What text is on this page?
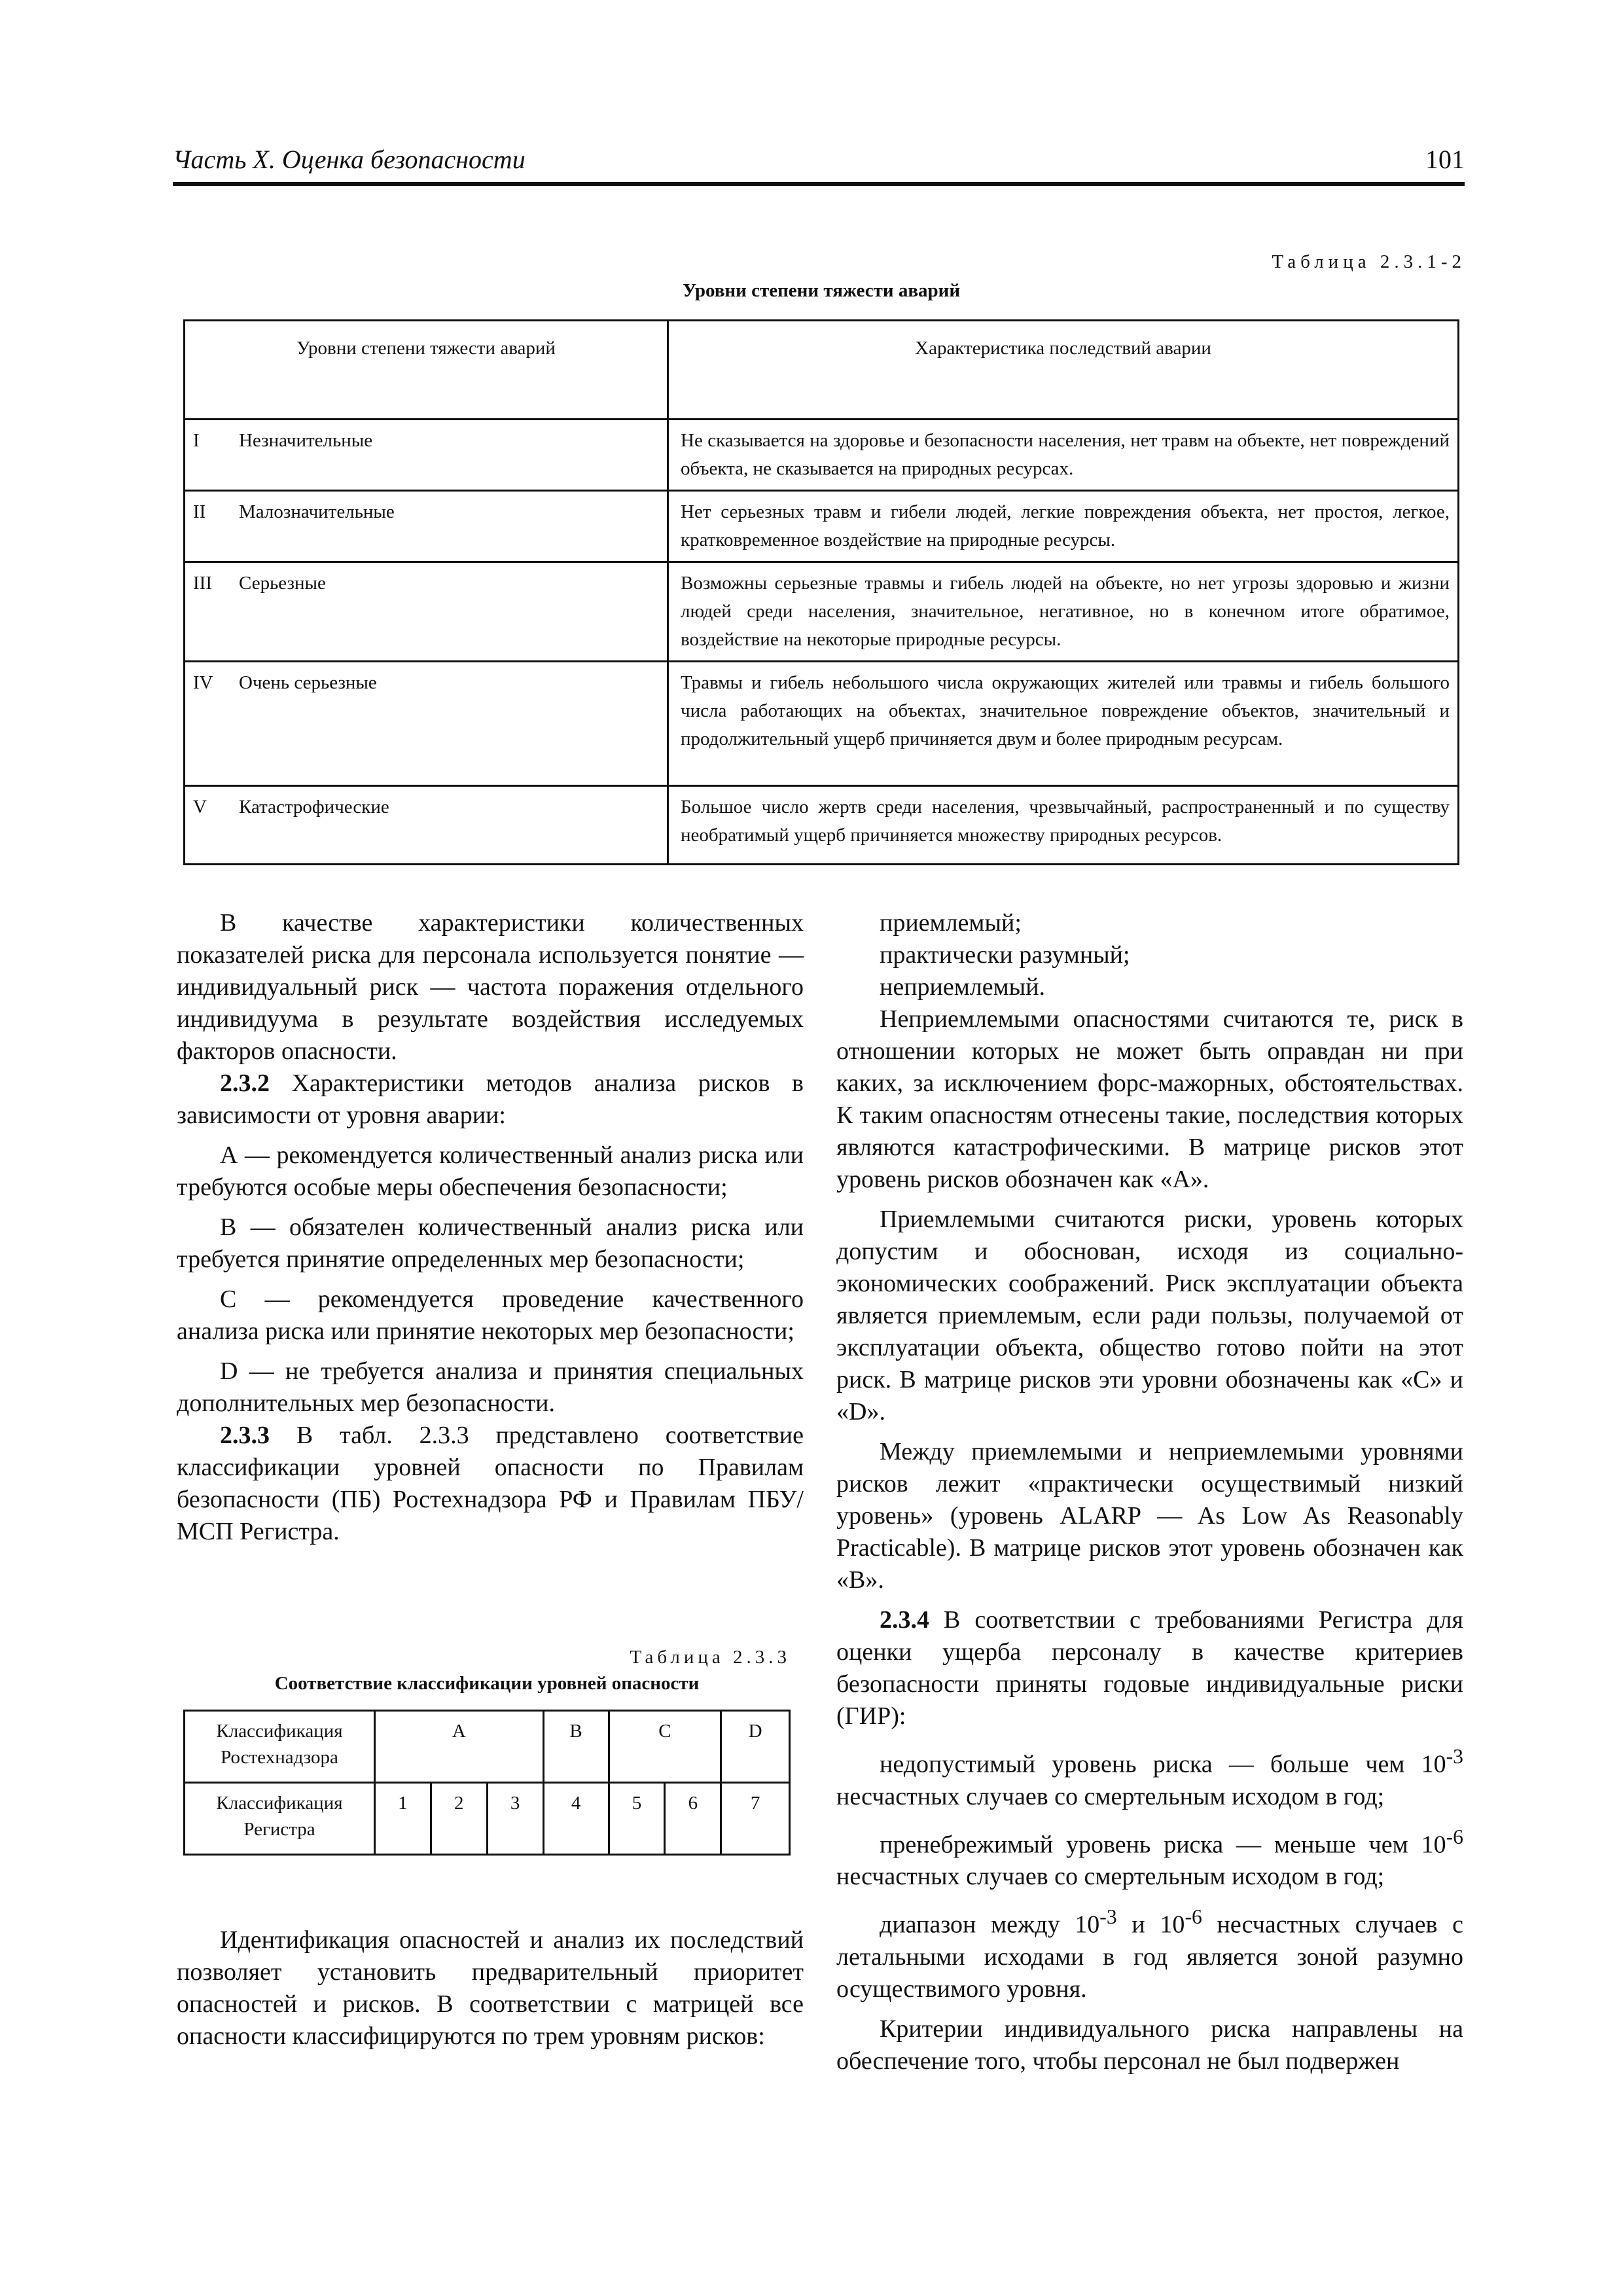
Часть X. Оценка безопасности	101
Таблица 2.3.1-2
Уровни степени тяжести аварий
Уровни степени тяжести аварий	Характеристика последствий аварии
I Незначительные	Не сказывается на здоровье и безопасности населения, нет травм на объекте, нет повреждений объекта, не сказывается на природных ресурсах.
II Малозначительные	Нет серьезных травм и гибели людей, легкие повреждения объекта, нет простоя, легкое, кратковременное воздействие на природные ресурсы.
III Серьезные	Возможны серьезные травмы и гибель людей на объекте, но нет угрозы здоровью и жизни людей среди населения, значительное, негативное, но в конечном итоге обратимое, воздействие на некоторые природные ресурсы.
IV Очень серьезные	Травмы и гибель небольшого числа окружающих жителей или травмы и гибель большого числа работающих на объектах, значительное повреждение объектов, значительный и продолжительный ущерб причиняется двум и более природным ресурсам.
V Катастрофические	Большое число жертв среди населения, чрезвычайный, распространенный и по существу необратимый ущерб причиняется множеству природных ресурсов.

В качестве характеристики количественных показателей риска для персонала используется понятие — индивидуальный риск — частота поражения отдельного индивидуума в результате воздействия исследуемых факторов опасности.

2.3.2 Характеристики методов анализа рисков в зависимости от уровня аварии:

А — рекомендуется количественный анализ риска или требуются особые меры обеспечения безопасности;

В — обязателен количественный анализ риска или требуется принятие определенных мер безопасности;

С — рекомендуется проведение качественного анализа риска или принятие некоторых мер безопасности;

D — не требуется анализа и принятия специальных дополнительных мер безопасности.

2.3.3 В табл. 2.3.3 представлено соответствие классификации уровней опасности по Правилам безопасности (ПБ) Ростехнадзора РФ и Правилам ПБУ/МСП Регистра.

Таблица 2.3.3
Соответствие классификации уровней опасности
Классификация Ростехнадзора	A			B	C		D
Классификация Регистра	1	2	3	4	5	6	7

Идентификация опасностей и анализ их последствий позволяет установить предварительный приоритет опасностей и рисков. В соответствии с матрицей все опасности классифицируются по трем уровням рисков:

приемлемый;

практически разумный;

неприемлемый.

Неприемлемыми опасностями считаются те, риск в отношении которых не может быть оправдан ни при каких, за исключением форс-мажорных, обстоятельствах. К таким опасностям отнесены такие, последствия которых являются катастрофическими. В матрице рисков этот уровень рисков обозначен как «А».

Приемлемыми считаются риски, уровень которых допустим и обоснован, исходя из социально-экономических соображений. Риск эксплуатации объекта является приемлемым, если ради пользы, получаемой от эксплуатации объекта, общество готово пойти на этот риск. В матрице рисков эти уровни обозначены как «С» и «D».

Между приемлемыми и неприемлемыми уровнями рисков лежит «практически осуществимый низкий уровень» (уровень ALARP — As Low As Reasonably Practicable). В матрице рисков этот уровень обозначен как «В».

2.3.4 В соответствии с требованиями Регистра для оценки ущерба персоналу в качестве критериев безопасности приняты годовые индивидуальные риски (ГИР):

недопустимый уровень риска — больше чем $10^{-3}$ несчастных случаев со смертельным исходом в год;

пренебрежимый уровень риска — меньше чем $10^{-6}$ несчастных случаев со смертельным исходом в год;

диапазон между $10^{-3}$ и $10^{-6}$ несчастных случаев с летальными исходами в год является зоной разумно осуществимого уровня.

Критерии индивидуального риска направлены на обеспечение того, чтобы персонал не был подвержен
